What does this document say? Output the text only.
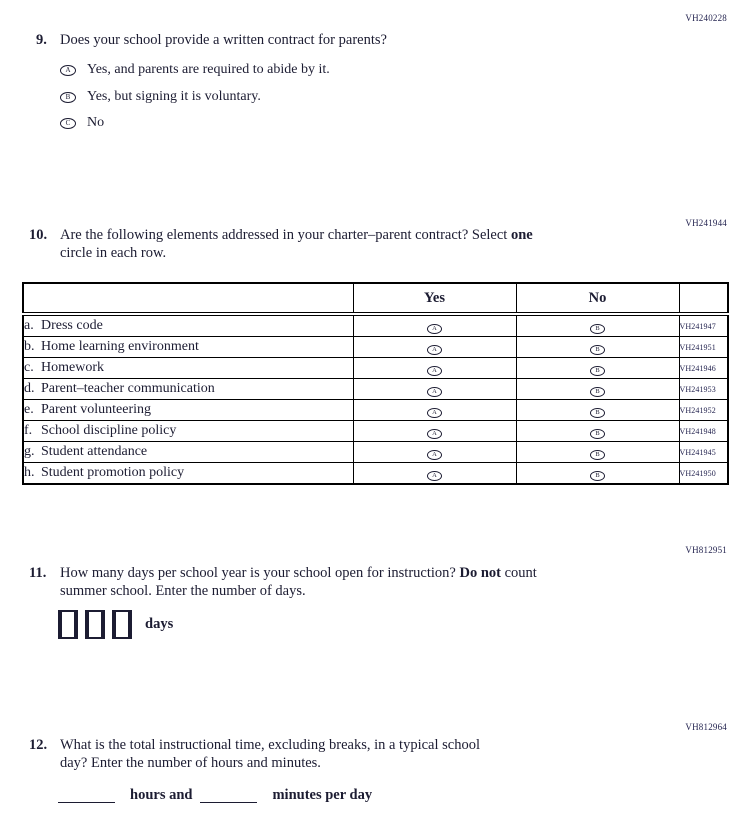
VH240228
9. Does your school provide a written contract for parents?
A	Yes, and parents are required to abide by it.
B	Yes, but signing it is voluntary.
C	No
VH241944
10. Are the following elements addressed in your charter–parent contract? Select one
circle in each row.
	Yes	No	
a. Dress code	A	B	VH241947
b. Home learning environment	A	B	VH241951
c. Homework	A	B	VH241946
d. Parent–teacher communication	A	B	VH241953
e. Parent volunteering	A	B	VH241952
f. School discipline policy	A	B	VH241948
g. Student attendance	A	B	VH241945
h. Student promotion policy	A	B	VH241950
VH812951
11. How many days per school year is your school open for instruction? Do not count
summer school. Enter the number of days.
days
VH812964
12. What is the total instructional time, excluding breaks, in a typical school
day? Enter the number of hours and minutes.
hours and	minutes per day
